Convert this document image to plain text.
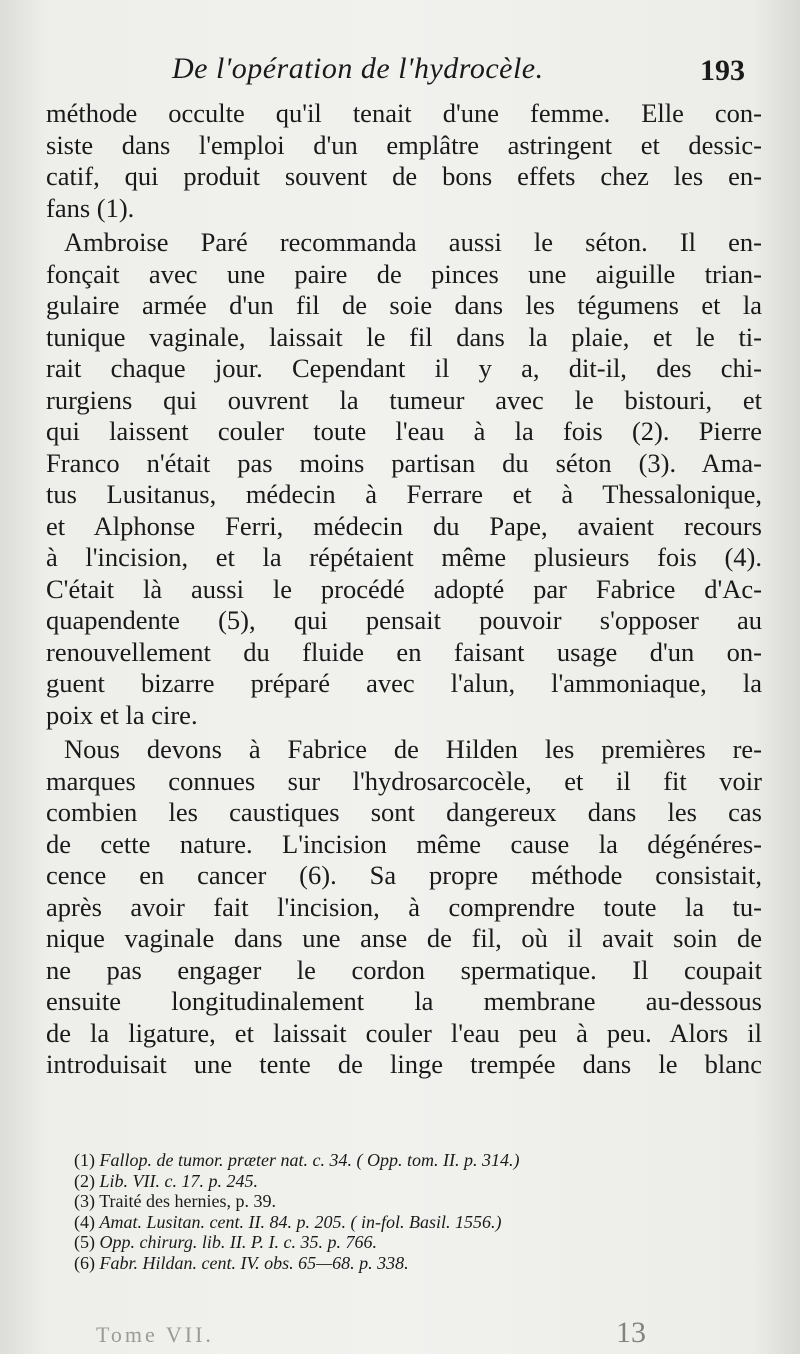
De l'opération de l'hydrocèle.	193
méthode occulte qu'il tenait d'une femme. Elle con-
siste dans l'emploi d'un emplâtre astringent et dessic-
catif, qui produit souvent de bons effets chez les en-
fans (1).
Ambroise Paré recommanda aussi le séton. Il en-
fonçait avec une paire de pinces une aiguille trian-
gulaire armée d'un fil de soie dans les tégumens et la
tunique vaginale, laissait le fil dans la plaie, et le ti-
rait chaque jour. Cependant il y a, dit-il, des chi-
rurgiens qui ouvrent la tumeur avec le bistouri, et
qui laissent couler toute l'eau à la fois (2). Pierre
Franco n'était pas moins partisan du séton (3). Ama-
tus Lusitanus, médecin à Ferrare et à Thessalonique,
et Alphonse Ferri, médecin du Pape, avaient recours
à l'incision, et la répétaient même plusieurs fois (4).
C'était là aussi le procédé adopté par Fabrice d'Ac-
quapendente (5), qui pensait pouvoir s'opposer au
renouvellement du fluide en faisant usage d'un on-
guent bizarre préparé avec l'alun, l'ammoniaque, la
poix et la cire.
Nous devons à Fabrice de Hilden les premières re-
marques connues sur l'hydrosarcocèle, et il fit voir
combien les caustiques sont dangereux dans les cas
de cette nature. L'incision même cause la dégénéres-
cence en cancer (6). Sa propre méthode consistait,
après avoir fait l'incision, à comprendre toute la tu-
nique vaginale dans une anse de fil, où il avait soin de
ne pas engager le cordon spermatique. Il coupait
ensuite longitudinalement la membrane au-dessous
de la ligature, et laissait couler l'eau peu à peu. Alors il
introduisait une tente de linge trempée dans le blanc
(1) Fallop. de tumor. præter nat. c. 34. ( Opp. tom. II. p. 314.)
(2) Lib. VII. c. 17. p. 245.
(3) Traité des hernies, p. 39.
(4) Amat. Lusitan. cent. II. 84. p. 205. ( in-fol. Basil. 1556.)
(5) Opp. chirurg. lib. II. P. I. c. 35. p. 766.
(6) Fabr. Hildan. cent. IV. obs. 65—68. p. 338.
Tome VII.	13
